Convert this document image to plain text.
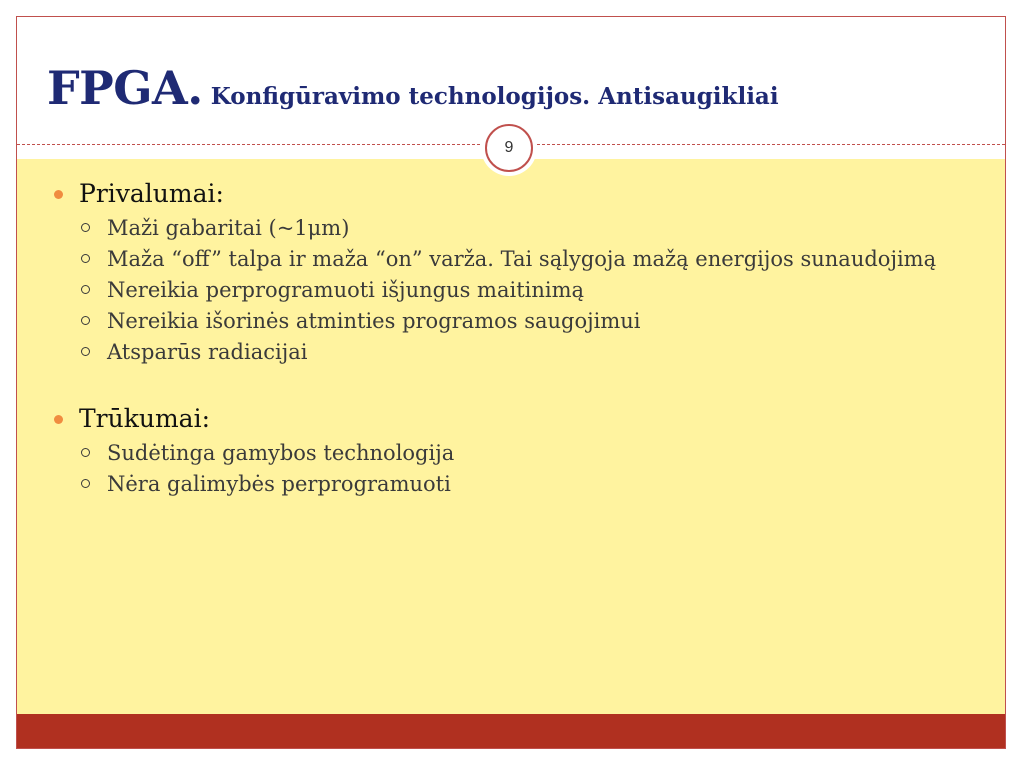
FPGA. Konfigūravimo technologijos. Antisaugikliai
9
Privalumai:
Maži gabaritai (~1μm)
Maža “off” talpa ir maža “on” varža. Tai sąlygoja mažą energijos sunaudojimą
Nereikia perprogramuoti išjungus maitinimą
Nereikia išorinės atminties programos saugojimui
Atsparūs radiacijai
Trūkumai:
Sudėtinga gamybos technologija
Nėra galimybės perprogramuoti
